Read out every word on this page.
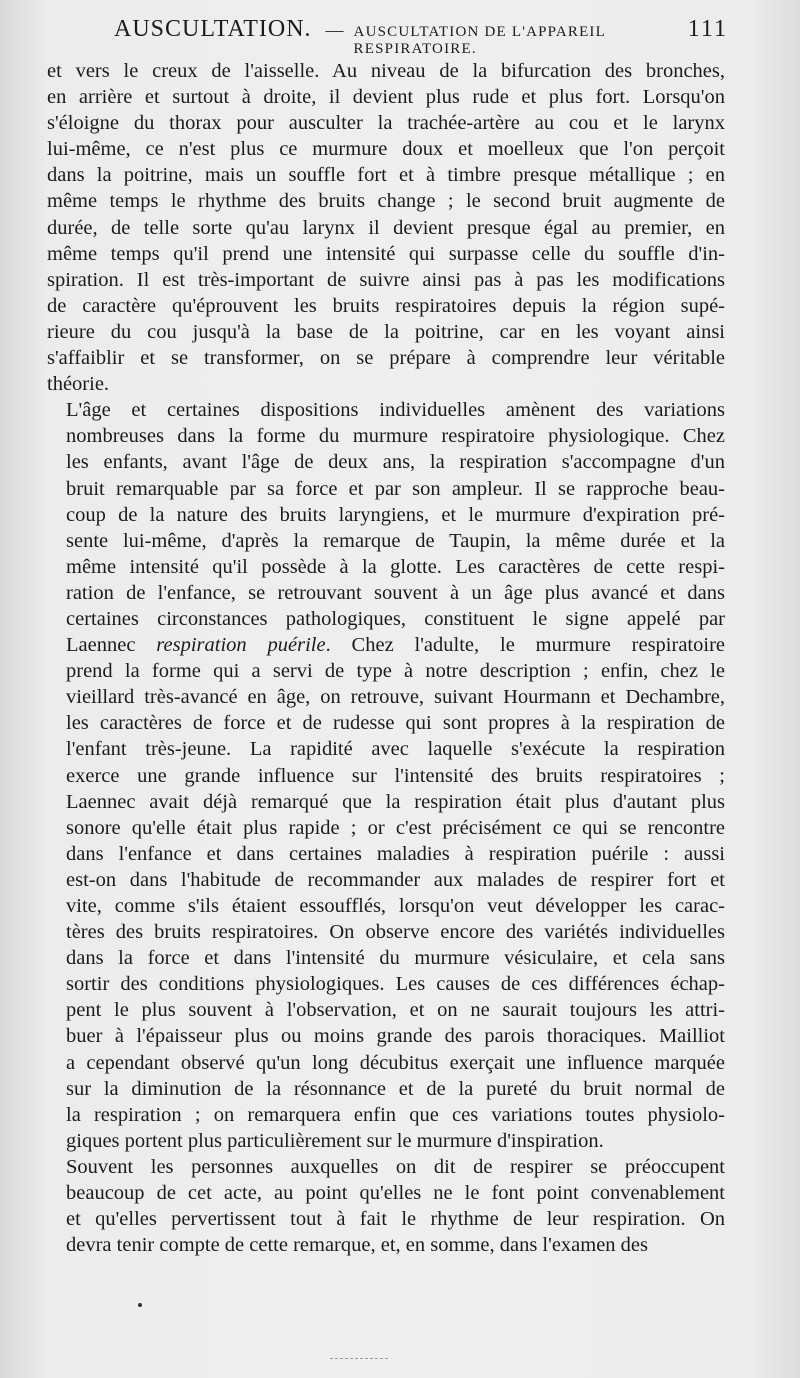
AUSCULTATION. — AUSCULTATION DE L'APPAREIL RESPIRATOIRE.
111

et vers le creux de l'aisselle. Au niveau de la bifurcation des bronches,
en arrière et surtout à droite, il devient plus rude et plus fort. Lorsqu'on
s'éloigne du thorax pour ausculter la trachée-artère au cou et le larynx
lui-même, ce n'est plus ce murmure doux et moelleux que l'on perçoit
dans la poitrine, mais un souffle fort et à timbre presque métallique ; en
même temps le rhythme des bruits change ; le second bruit augmente de
durée, de telle sorte qu'au larynx il devient presque égal au premier, en
même temps qu'il prend une intensité qui surpasse celle du souffle d'in-
spiration. Il est très-important de suivre ainsi pas à pas les modifications
de caractère qu'éprouvent les bruits respiratoires depuis la région supé-
rieure du cou jusqu'à la base de la poitrine, car en les voyant ainsi
s'affaiblir et se transformer, on se prépare à comprendre leur véritable
théorie.

L'âge et certaines dispositions individuelles amènent des variations
nombreuses dans la forme du murmure respiratoire physiologique. Chez
les enfants, avant l'âge de deux ans, la respiration s'accompagne d'un
bruit remarquable par sa force et par son ampleur. Il se rapproche beau-
coup de la nature des bruits laryngiens, et le murmure d'expiration pré-
sente lui-même, d'après la remarque de Taupin, la même durée et la
même intensité qu'il possède à la glotte. Les caractères de cette respi-
ration de l'enfance, se retrouvant souvent à un âge plus avancé et dans
certaines circonstances pathologiques, constituent le signe appelé par
Laennec respiration puérile. Chez l'adulte, le murmure respiratoire
prend la forme qui a servi de type à notre description ; enfin, chez le
vieillard très-avancé en âge, on retrouve, suivant Hourmann et Dechambre,
les caractères de force et de rudesse qui sont propres à la respiration de
l'enfant très-jeune. La rapidité avec laquelle s'exécute la respiration
exerce une grande influence sur l'intensité des bruits respiratoires ;
Laennec avait déjà remarqué que la respiration était plus d'autant plus
sonore qu'elle était plus rapide ; or c'est précisément ce qui se rencontre
dans l'enfance et dans certaines maladies à respiration puérile : aussi
est-on dans l'habitude de recommander aux malades de respirer fort et
vite, comme s'ils étaient essoufflés, lorsqu'on veut développer les carac-
tères des bruits respiratoires. On observe encore des variétés individuelles
dans la force et dans l'intensité du murmure vésiculaire, et cela sans
sortir des conditions physiologiques. Les causes de ces différences échap-
pent le plus souvent à l'observation, et on ne saurait toujours les attri-
buer à l'épaisseur plus ou moins grande des parois thoraciques. Mailliot
a cependant observé qu'un long décubitus exerçait une influence marquée
sur la diminution de la résonnance et de la pureté du bruit normal de
la respiration ; on remarquera enfin que ces variations toutes physiolo-
giques portent plus particulièrement sur le murmure d'inspiration.

Souvent les personnes auxquelles on dit de respirer se préoccupent
beaucoup de cet acte, au point qu'elles ne le font point convenablement
et qu'elles pervertissent tout à fait le rhythme de leur respiration. On
devra tenir compte de cette remarque, et, en somme, dans l'examen des
